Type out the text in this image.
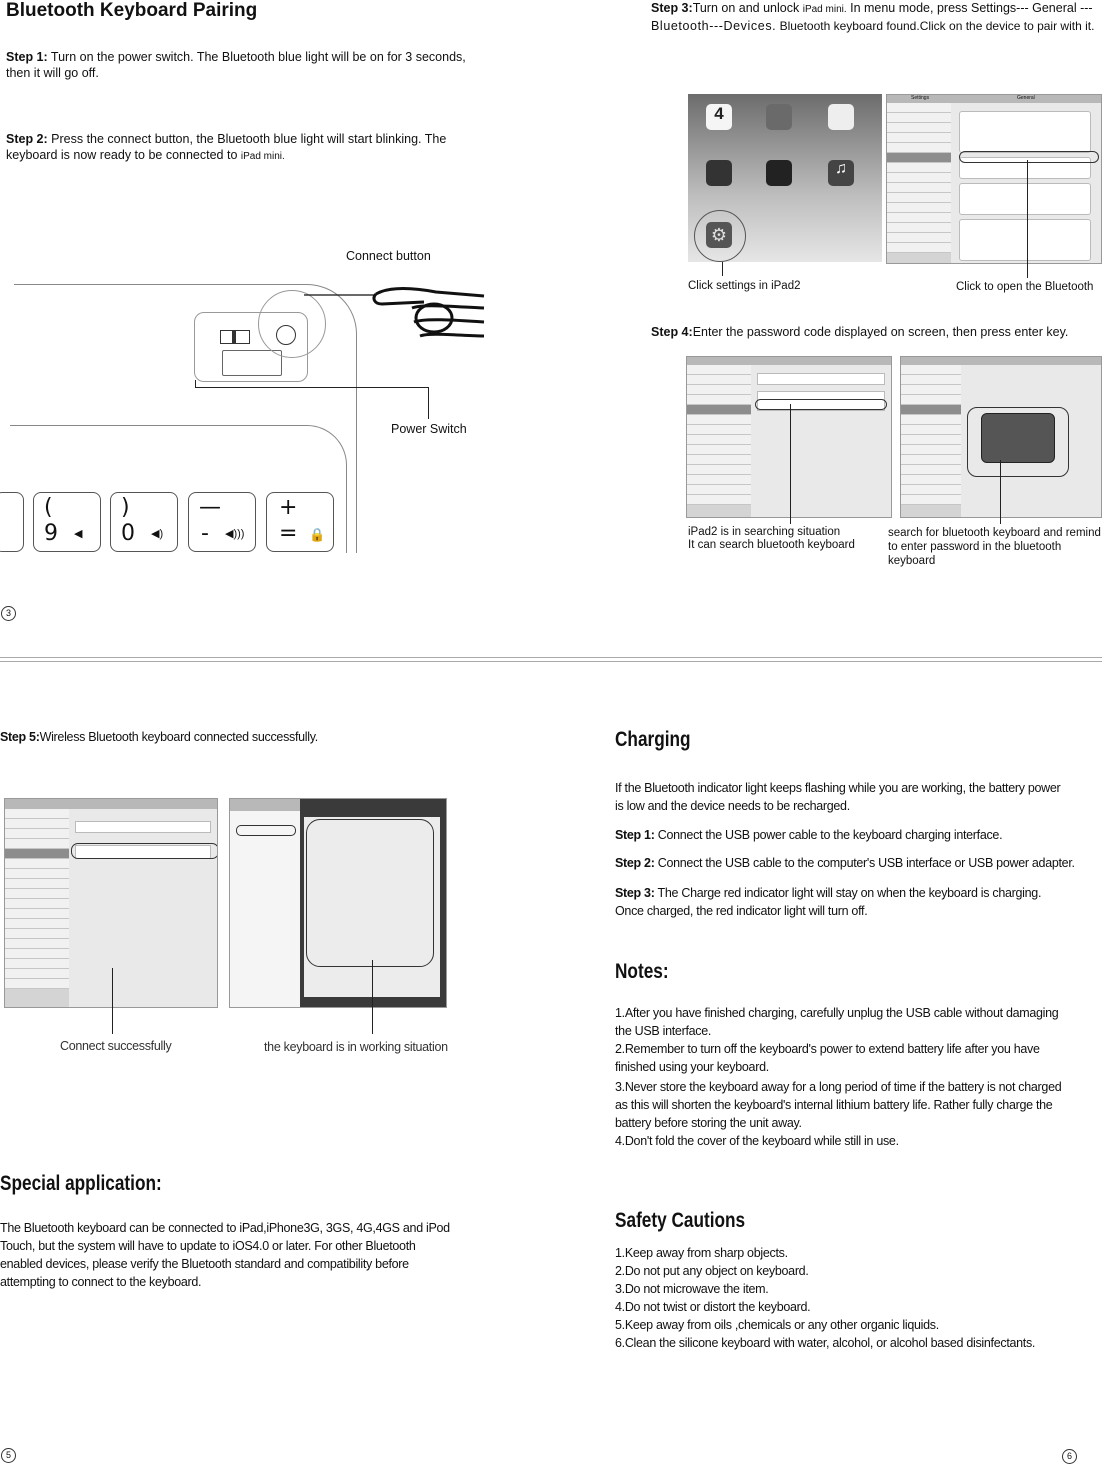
Bluetooth Keyboard Pairing
Step 1: Turn on the power switch. The Bluetooth blue light will be on for 3 seconds,
then it will go off.
Step 2: Press the connect button, the Bluetooth blue light will start blinking. The
keyboard is now ready to be connected to iPad mini.
Connect button
Power Switch
(
9 ◀
)
0 ◀)
—
- ◀)))
+
= 🔒
3
Step 3:Turn on and unlock iPad mini. In menu mode, press Settings--- General ---
Bluetooth---Devices. Bluetooth keyboard found.Click on the device to pair with it.
4
♫
⚙
Settings	General
Click settings in iPad2	Click to open the Bluetooth
Step 4:Enter the password code displayed on screen, then press enter key.
iPad2 is in searching situation
It can search bluetooth keyboard
search for bluetooth keyboard and remind
to enter password in the bluetooth keyboard
Step 5:Wireless Bluetooth keyboard connected successfully.
Connect successfully	the keyboard is in working situation
Special application:
The Bluetooth keyboard can be connected to iPad,iPhone3G, 3GS, 4G,4GS and iPod
Touch, but the system will have to update to iOS4.0 or later. For other Bluetooth
enabled devices, please verify the Bluetooth standard and compatibility before
attempting to connect to the keyboard.
5
Charging
If the Bluetooth indicator light keeps flashing while you are working, the battery power
is low and the device needs to be recharged.
Step 1: Connect the USB power cable to the keyboard charging interface.
Step 2: Connect the USB cable to the computer's USB interface or USB power adapter.
Step 3: The Charge red indicator light will stay on when the keyboard is charging.
Once charged, the red indicator light will turn off.
Notes:
1.After you have finished charging, carefully unplug the USB cable without damaging
the USB interface.
2.Remember to turn off the keyboard's power to extend battery life after you have
finished using your keyboard.
3.Never store the keyboard away for a long period of time if the battery is not charged
as this will shorten the keyboard's internal lithium battery life. Rather fully charge the
battery before storing the unit away.
4.Don't fold the cover of the keyboard while still in use.
Safety Cautions
1.Keep away from sharp objects.
2.Do not put any object on keyboard.
3.Do not microwave the item.
4.Do not twist or distort the keyboard.
5.Keep away from oils ,chemicals or any other organic liquids.
6.Clean the silicone keyboard with water, alcohol, or alcohol based disinfectants.
6
